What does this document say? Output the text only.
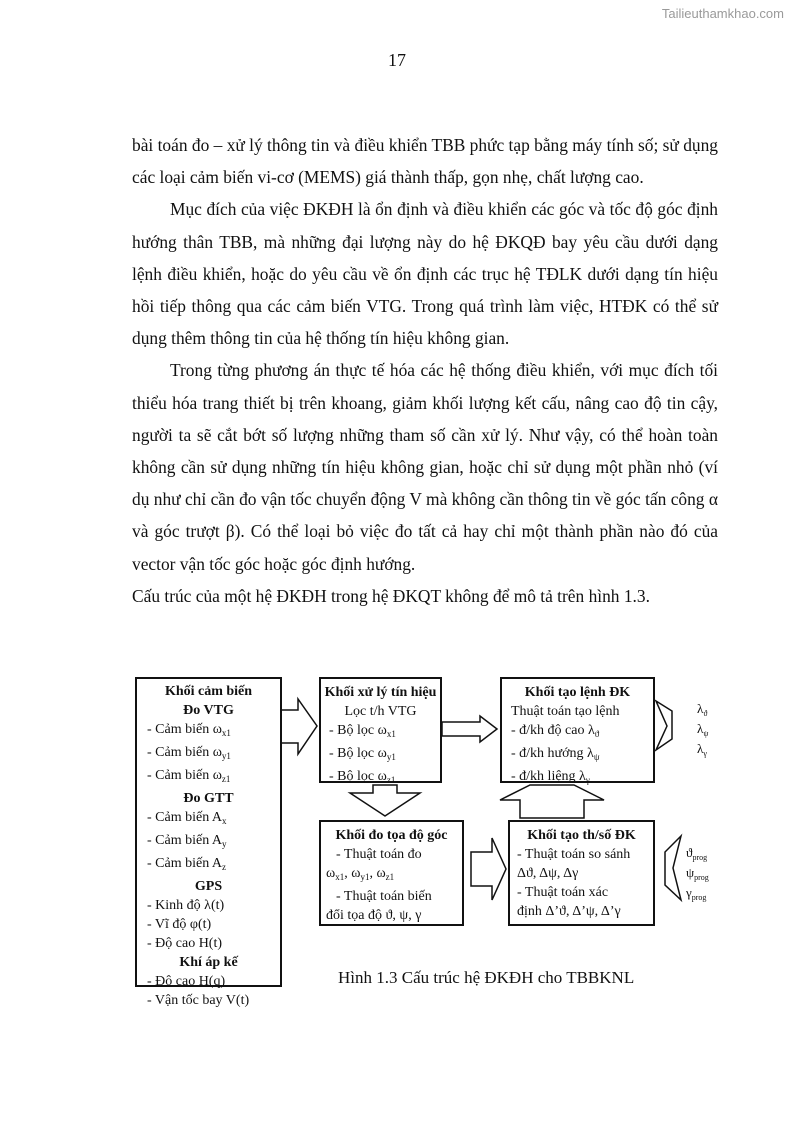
Tailieuthamkhao.com
17

bài toán đo – xử lý thông tin và điều khiển TBB phức tạp bằng máy tính số; sử dụng các loại cảm biến vi-cơ (MEMS) giá thành thấp, gọn nhẹ, chất lượng cao.

Mục đích của việc ĐKĐH là ổn định và điều khiển các góc và tốc độ góc định hướng thân TBB, mà những đại lượng này do hệ ĐKQĐ bay yêu cầu dưới dạng lệnh điều khiển, hoặc do yêu cầu về ổn định các trục hệ TĐLK dưới dạng tín hiệu hồi tiếp thông qua các cảm biến VTG. Trong quá trình làm việc, HTĐK có thể sử dụng thêm thông tin của hệ thống tín hiệu không gian.

Trong từng phương án thực tế hóa các hệ thống điều khiển, với mục đích tối thiểu hóa trang thiết bị trên khoang, giảm khối lượng kết cấu, nâng cao độ tin cậy, người ta sẽ cắt bớt số lượng những tham số cần xử lý. Như vậy, có thể hoàn toàn không cần sử dụng những tín hiệu không gian, hoặc chỉ sử dụng một phần nhỏ (ví dụ như chỉ cần đo vận tốc chuyển động V mà không cần thông tin về góc tấn công α và góc trượt β). Có thể loại bỏ việc đo tất cả hay chỉ một thành phần nào đó của vector vận tốc góc hoặc góc định hướng.

Cấu trúc của một hệ ĐKĐH trong hệ ĐKQT không để mô tả trên hình 1.3.

Khối cảm biến
Đo VTG
- Cảm biến $\omega_{x1}$
- Cảm biến $\omega_{y1}$
- Cảm biến $\omega_{z1}$
Đo GTT
- Cảm biến $A_x$
- Cảm biến $A_y$
- Cảm biến $A_z$
GPS
- Kinh độ λ(t)
- Vĩ độ φ(t)
- Độ cao H(t)
Khí áp kế
- Độ cao H(q)
- Vận tốc bay V(t)
Khối xử lý tín hiệu
Lọc t/h VTG
- Bộ lọc $\omega_{x1}$
- Bộ lọc $\omega_{y1}$
- Bộ lọc $\omega_{z1}$
Khối tạo lệnh ĐK
Thuật toán tạo lệnh
- đ/kh độ cao $\lambda_ϑ$
- đ/kh hướng $\lambda_\psi$
- đ/kh liệng $\lambda_\gamma$
Khối đo tọa độ góc
- Thuật toán đo
$\omega_{x1}$, $\omega_{y1}$, $\omega_{z1}$
- Thuật toán biến
đổi tọa độ ϑ, ψ, γ
Khối tạo th/số ĐK
- Thuật toán so sánh
Δϑ, Δψ, Δγ
- Thuật toán xác
định Δ’ϑ, Δ’ψ, Δ’γ
$\lambda_ϑ$
$\lambda_\psi$
$\lambda_\gamma$
$ϑ_{prog}$
$\psi_{prog}$
$\gamma_{prog}$
Hình 1.3 Cấu trúc hệ ĐKĐH cho TBBKNL
